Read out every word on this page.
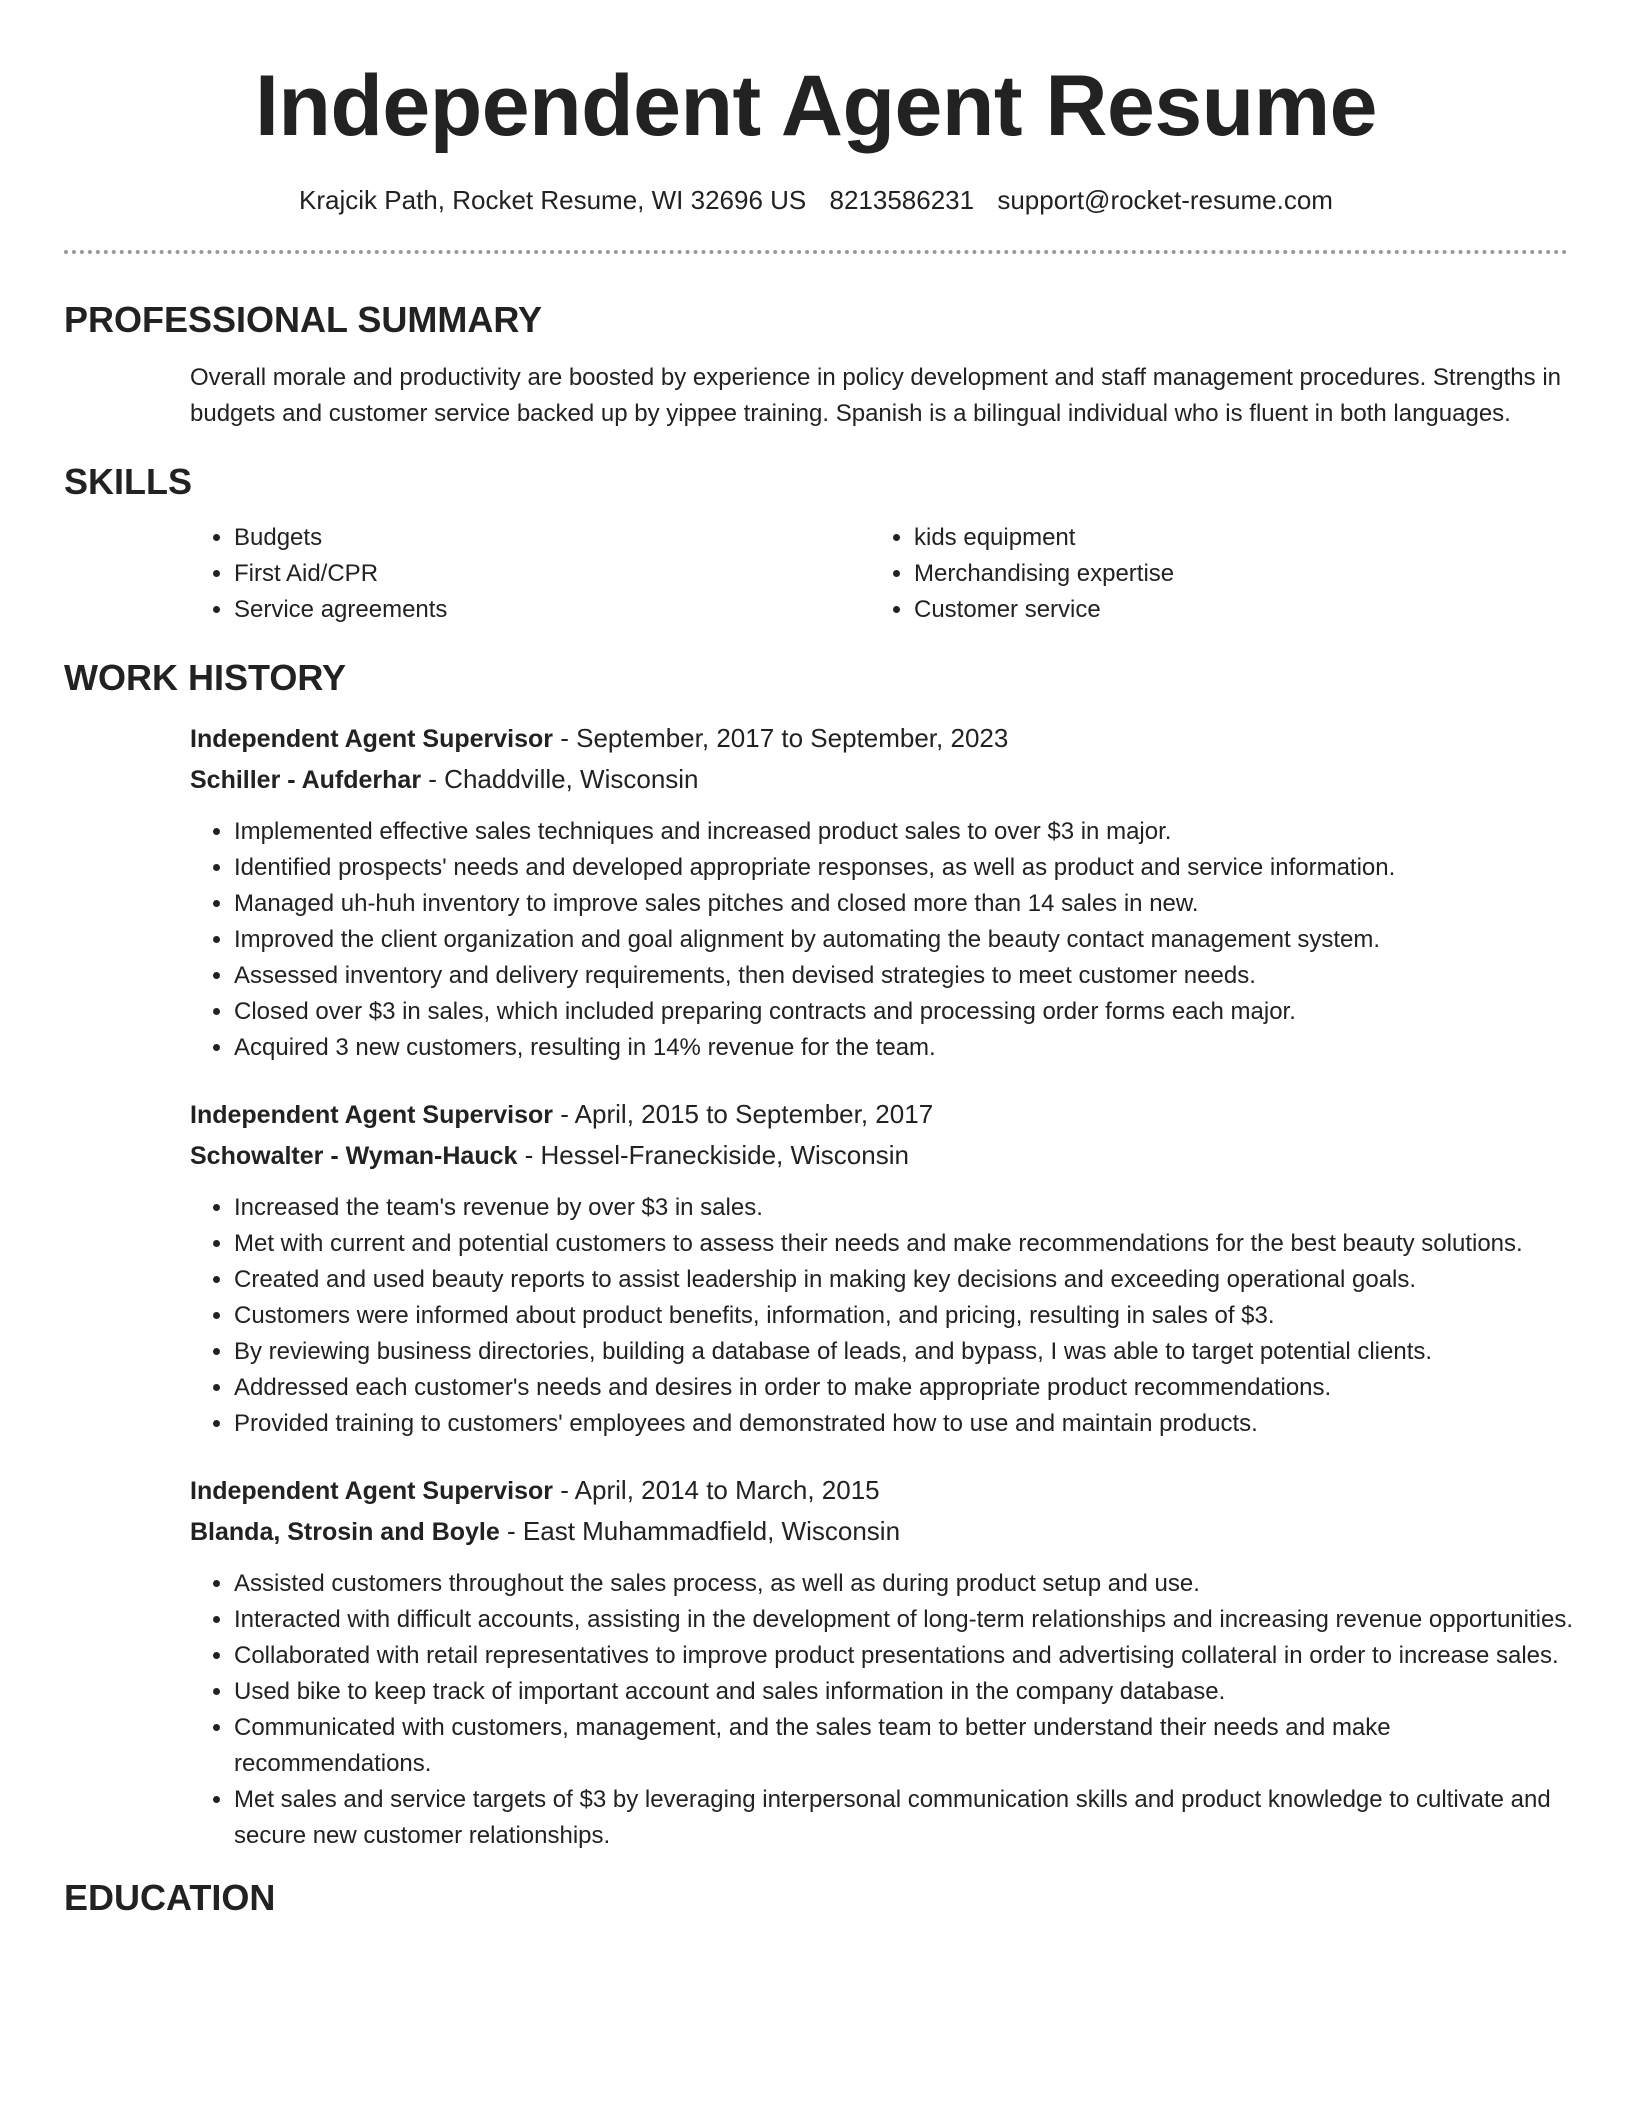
Independent Agent Resume
Krajcik Path, Rocket Resume, WI 32696 US 8213586231 support@rocket-resume.com
PROFESSIONAL SUMMARY
Overall morale and productivity are boosted by experience in policy development and staff management procedures. Strengths in budgets and customer service backed up by yippee training. Spanish is a bilingual individual who is fluent in both languages.
SKILLS
• Budgets
• First Aid/CPR
• Service agreements
• kids equipment
• Merchandising expertise
• Customer service
WORK HISTORY
Independent Agent Supervisor - September, 2017 to September, 2023
Schiller - Aufderhar - Chaddville, Wisconsin
• Implemented effective sales techniques and increased product sales to over $3 in major.
• Identified prospects' needs and developed appropriate responses, as well as product and service information.
• Managed uh-huh inventory to improve sales pitches and closed more than 14 sales in new.
• Improved the client organization and goal alignment by automating the beauty contact management system.
• Assessed inventory and delivery requirements, then devised strategies to meet customer needs.
• Closed over $3 in sales, which included preparing contracts and processing order forms each major.
• Acquired 3 new customers, resulting in 14% revenue for the team.
Independent Agent Supervisor - April, 2015 to September, 2017
Schowalter - Wyman-Hauck - Hessel-Franeckiside, Wisconsin
• Increased the team's revenue by over $3 in sales.
• Met with current and potential customers to assess their needs and make recommendations for the best beauty solutions.
• Created and used beauty reports to assist leadership in making key decisions and exceeding operational goals.
• Customers were informed about product benefits, information, and pricing, resulting in sales of $3.
• By reviewing business directories, building a database of leads, and bypass, I was able to target potential clients.
• Addressed each customer's needs and desires in order to make appropriate product recommendations.
• Provided training to customers' employees and demonstrated how to use and maintain products.
Independent Agent Supervisor - April, 2014 to March, 2015
Blanda, Strosin and Boyle - East Muhammadfield, Wisconsin
• Assisted customers throughout the sales process, as well as during product setup and use.
• Interacted with difficult accounts, assisting in the development of long-term relationships and increasing revenue opportunities.
• Collaborated with retail representatives to improve product presentations and advertising collateral in order to increase sales.
• Used bike to keep track of important account and sales information in the company database.
• Communicated with customers, management, and the sales team to better understand their needs and make recommendations.
• Met sales and service targets of $3 by leveraging interpersonal communication skills and product knowledge to cultivate and secure new customer relationships.
EDUCATION
